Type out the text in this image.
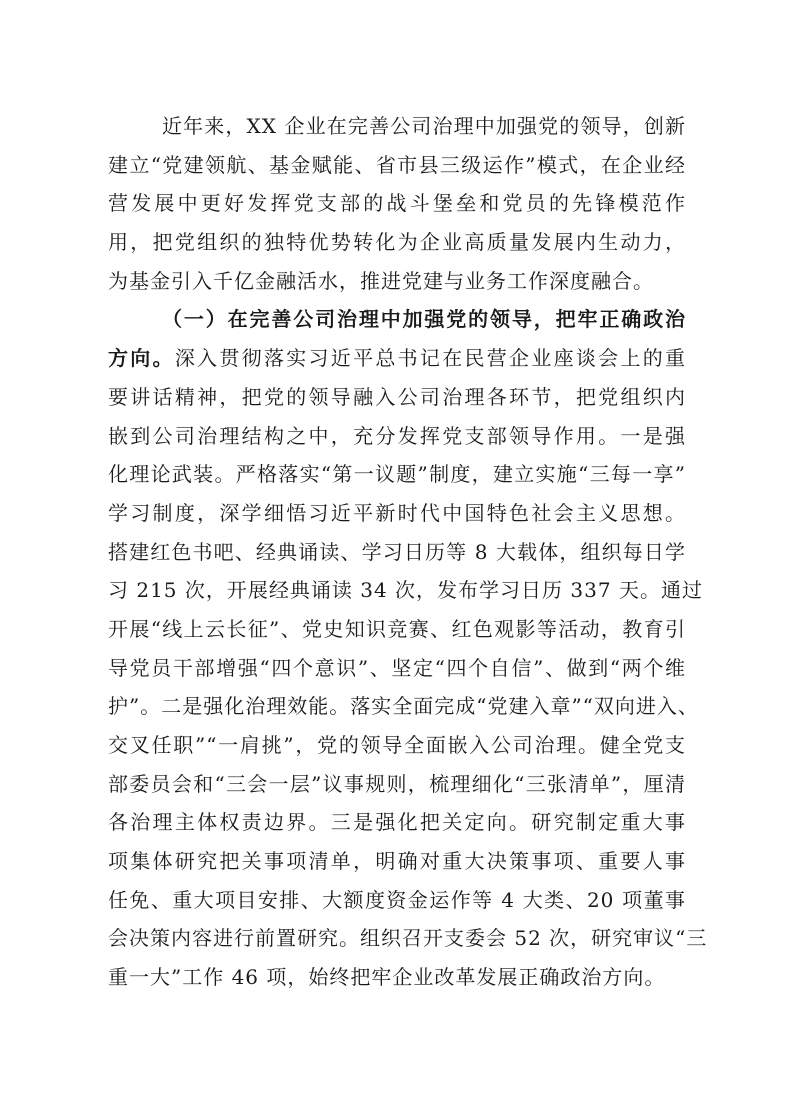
近年来，XX 企业在完善公司治理中加强党的领导，创新
建立“党建领航、基金赋能、省市县三级运作”模式，在企业经
营发展中更好发挥党支部的战斗堡垒和党员的先锋模范作
用，把党组织的独特优势转化为企业高质量发展内生动力，
为基金引入千亿金融活水，推进党建与业务工作深度融合。
（一）在完善公司治理中加强党的领导，把牢正确政治
方向。深入贯彻落实习近平总书记在民营企业座谈会上的重
要讲话精神，把党的领导融入公司治理各环节，把党组织内
嵌到公司治理结构之中，充分发挥党支部领导作用。一是强
化理论武装。严格落实“第一议题”制度，建立实施“三每一享”
学习制度，深学细悟习近平新时代中国特色社会主义思想。
搭建红色书吧、经典诵读、学习日历等 8 大载体，组织每日学
习 215 次，开展经典诵读 34 次，发布学习日历 337 天。通过
开展“线上云长征”、党史知识竞赛、红色观影等活动，教育引
导党员干部增强“四个意识”、坚定“四个自信”、做到“两个维
护”。二是强化治理效能。落实全面完成“党建入章”“双向进入、
交叉任职”“一肩挑”，党的领导全面嵌入公司治理。健全党支
部委员会和“三会一层”议事规则，梳理细化“三张清单”，厘清
各治理主体权责边界。三是强化把关定向。研究制定重大事
项集体研究把关事项清单，明确对重大决策事项、重要人事
任免、重大项目安排、大额度资金运作等 4 大类、20 项董事
会决策内容进行前置研究。组织召开支委会 52 次，研究审议“三
重一大”工作 46 项，始终把牢企业改革发展正确政治方向。
